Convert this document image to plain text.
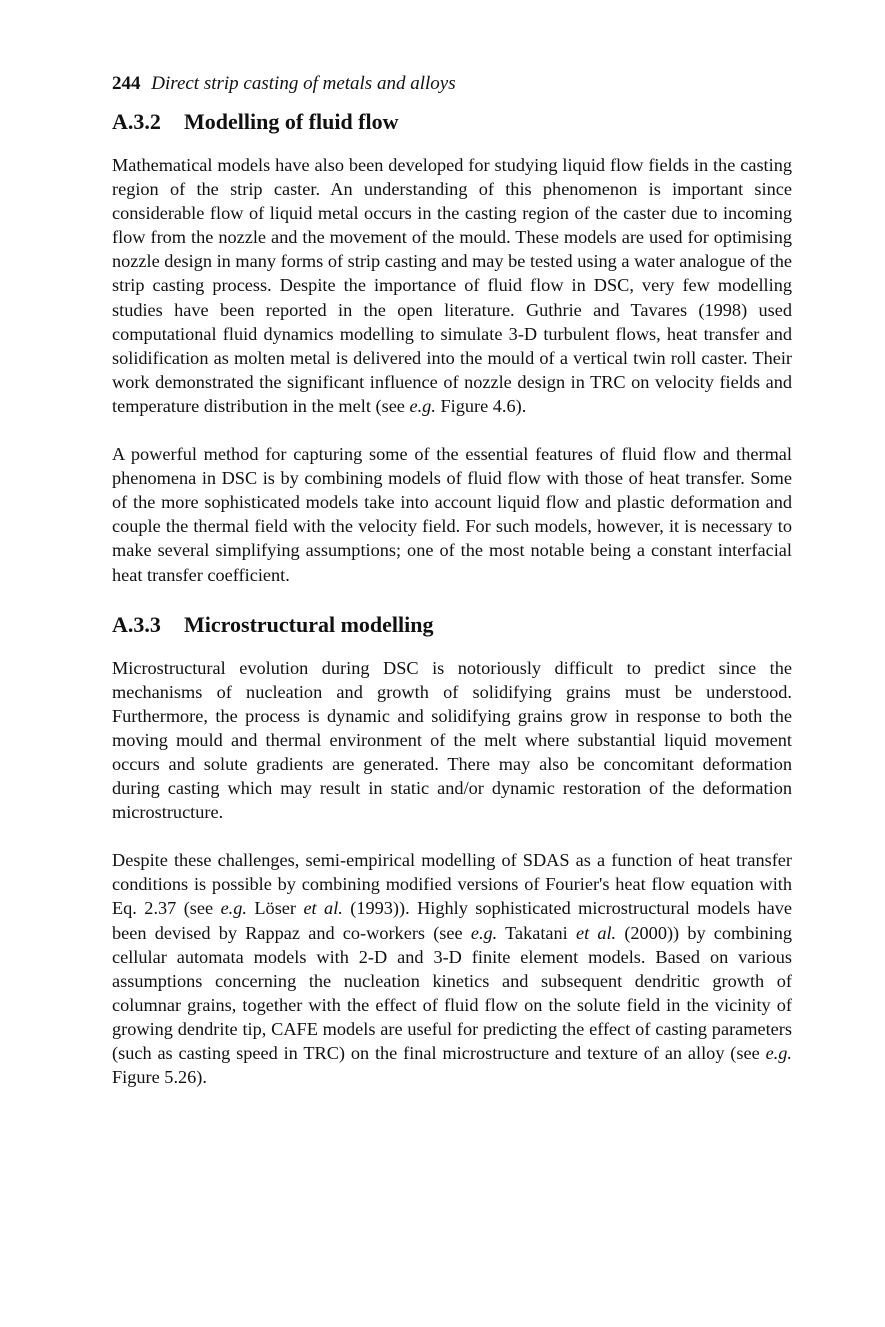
244 Direct strip casting of metals and alloys
A.3.2 Modelling of fluid flow

Mathematical models have also been developed for studying liquid flow fields in the casting region of the strip caster. An understanding of this phenomenon is important since considerable flow of liquid metal occurs in the casting region of the caster due to incoming flow from the nozzle and the movement of the mould. These models are used for optimising nozzle design in many forms of strip casting and may be tested using a water analogue of the strip casting process. Despite the importance of fluid flow in DSC, very few modelling studies have been reported in the open literature. Guthrie and Tavares (1998) used computational fluid dynamics modelling to simulate 3-D turbulent flows, heat transfer and solidification as molten metal is delivered into the mould of a vertical twin roll caster. Their work demonstrated the significant influence of nozzle design in TRC on velocity fields and temperature distribution in the melt (see e.g. Figure 4.6).

A powerful method for capturing some of the essential features of fluid flow and thermal phenomena in DSC is by combining models of fluid flow with those of heat transfer. Some of the more sophisticated models take into account liquid flow and plastic deformation and couple the thermal field with the velocity field. For such models, however, it is necessary to make several simplifying assumptions; one of the most notable being a constant interfacial heat transfer coefficient.

A.3.3 Microstructural modelling

Microstructural evolution during DSC is notoriously difficult to predict since the mechanisms of nucleation and growth of solidifying grains must be understood. Furthermore, the process is dynamic and solidifying grains grow in response to both the moving mould and thermal environment of the melt where substantial liquid movement occurs and solute gradients are generated. There may also be concomitant deformation during casting which may result in static and/or dynamic restoration of the deformation microstructure.

Despite these challenges, semi-empirical modelling of SDAS as a function of heat transfer conditions is possible by combining modified versions of Fourier's heat flow equation with Eq. 2.37 (see e.g. Löser et al. (1993)). Highly sophisticated microstructural models have been devised by Rappaz and co-workers (see e.g. Takatani et al. (2000)) by combining cellular automata models with 2-D and 3-D finite element models. Based on various assumptions concerning the nucleation kinetics and subsequent dendritic growth of columnar grains, together with the effect of fluid flow on the solute field in the vicinity of growing dendrite tip, CAFE models are useful for predicting the effect of casting parameters (such as casting speed in TRC) on the final microstructure and texture of an alloy (see e.g. Figure 5.26).
